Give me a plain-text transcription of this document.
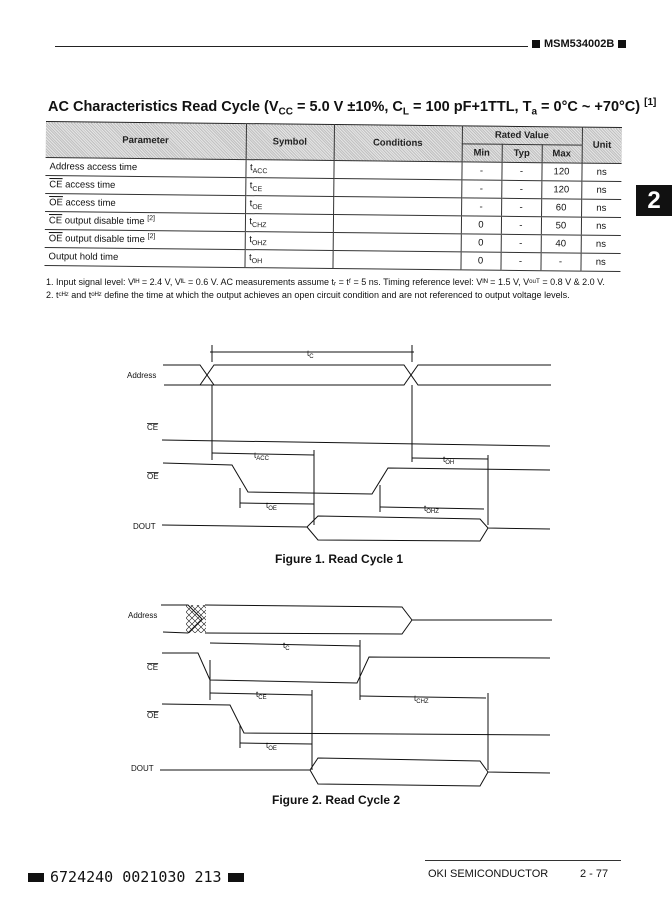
MSM534002B
2
AC Characteristics Read Cycle ($V_{CC} = 5.0$ V ±10%, $C_L = 100$ pF+1TTL, $T_a = 0^\circ C$ ~ +70°C) [1]
Parameter	Symbol	Conditions	Rated Value			Unit
			Min	Typ	Max	
Address access time	$t_{ACC}$		-	-	120	ns
$\overline{CE}$ access time	$t_{CE}$		-	-	120	ns
$\overline{OE}$ access time	$t_{OE}$		-	-	60	ns
$\overline{CE}$ output disable time [2]	$t_{CHZ}$		0	-	50	ns
$\overline{OE}$ output disable time [2]	$t_{OHZ}$		0	-	40	ns
Output hold time	$t_{OH}$		0	-	-	ns
1. Input signal level: Vᴵᴴ = 2.4 V, Vᴵᴸ = 0.6 V. AC measurements assume tᵣ = tᶠ = 5 ns. Timing reference level: Vᴵᴺ = 1.5 V, Vᵒᵘᵀ = 0.8 V & 2.0 V.
2. tᶜᴴᶻ and tᵒᴴᶻ define the time at which the output achieves an open circuit condition and are not referenced to output voltage levels.
Address
CE
OE
DOUT
$t_C$
$t_{ACC}$	$t_{OH}$
$t_{OE}$	$t_{OHZ}$
Figure 1. Read Cycle 1
Address
CE
OE
DOUT
$t_C$
$t_{CE}$	$t_{CHZ}$
$t_{OE}$
Figure 2. Read Cycle 2
6724240 0021030 213	OKI SEMICONDUCTOR	2 - 77
